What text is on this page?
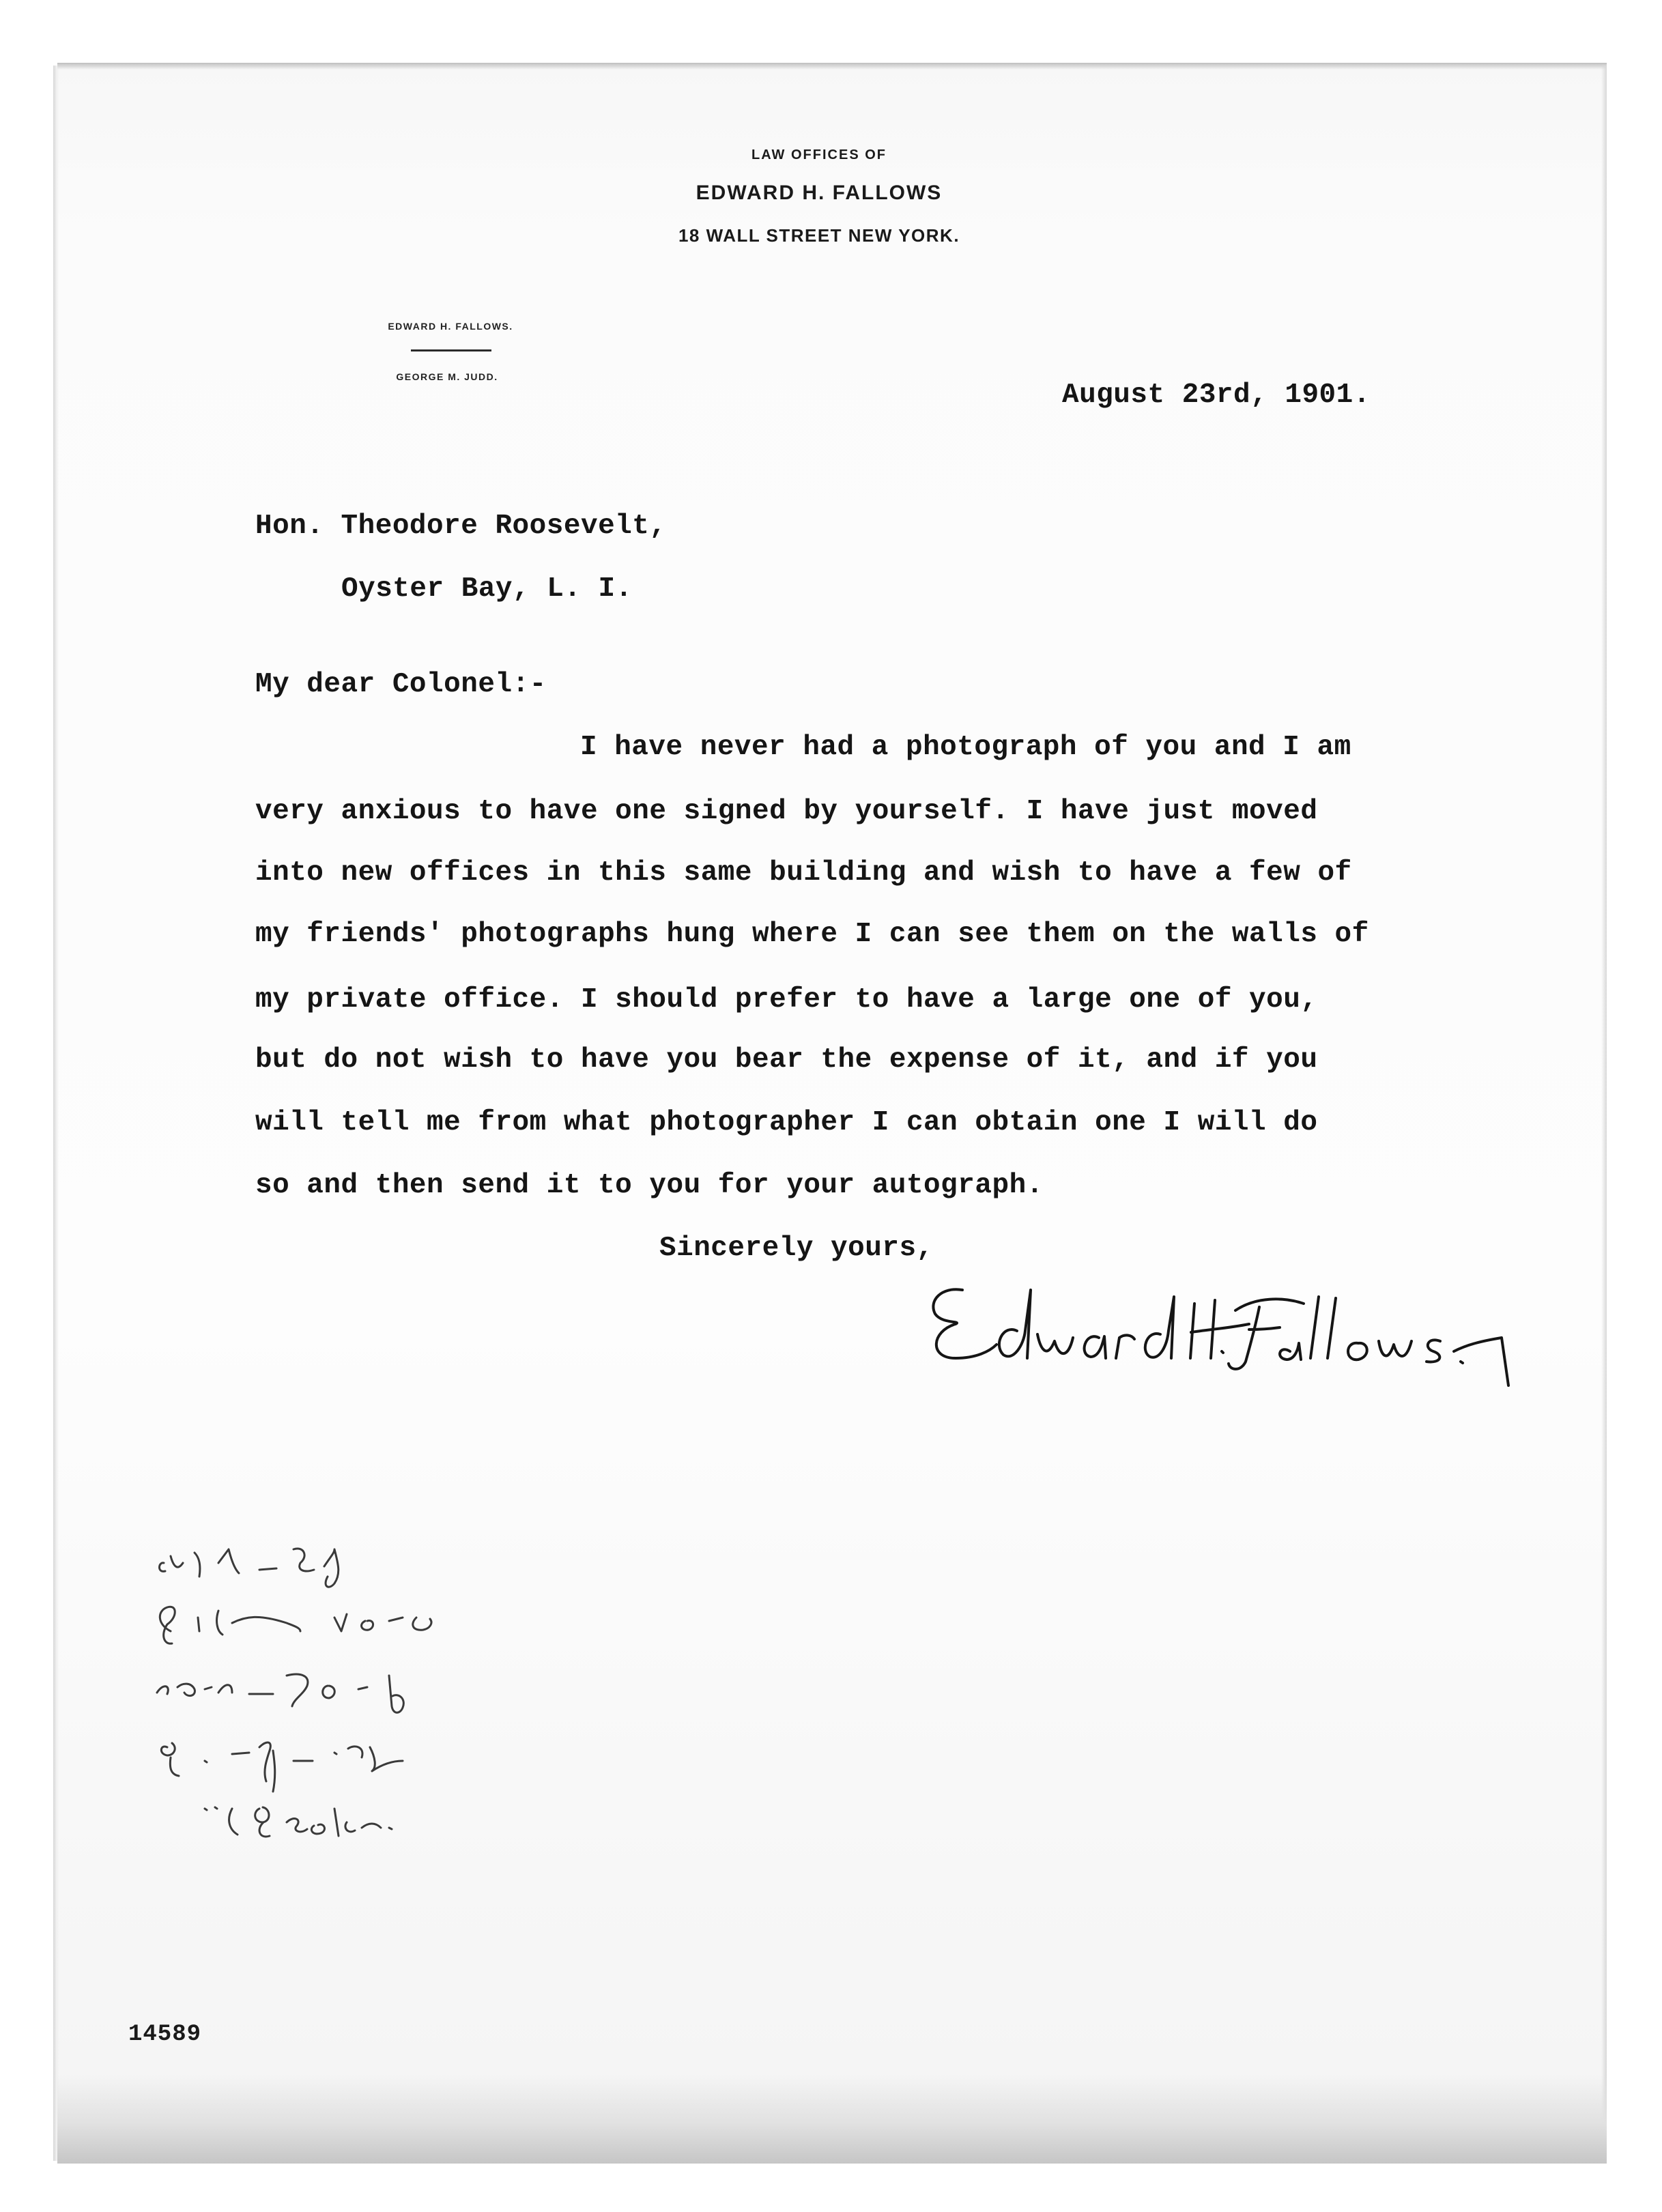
LAW OFFICES OF
EDWARD H. FALLOWS
18 WALL STREET NEW YORK.
EDWARD H. FALLOWS.
GEORGE M. JUDD.
August 23rd, 1901.
Hon. Theodore Roosevelt,
Oyster Bay, L. I.
My dear Colonel:-
I have never had a photograph of you and I am
very anxious to have one signed by yourself. I have just moved
into new offices in this same building and wish to have a few of
my friends' photographs hung where I can see them on the walls of
my private office. I should prefer to have a large one of you,
but do not wish to have you bear the expense of it, and if you
will tell me from what photographer I can obtain one I will do
so and then send it to you for your autograph.
Sincerely yours,
14589
